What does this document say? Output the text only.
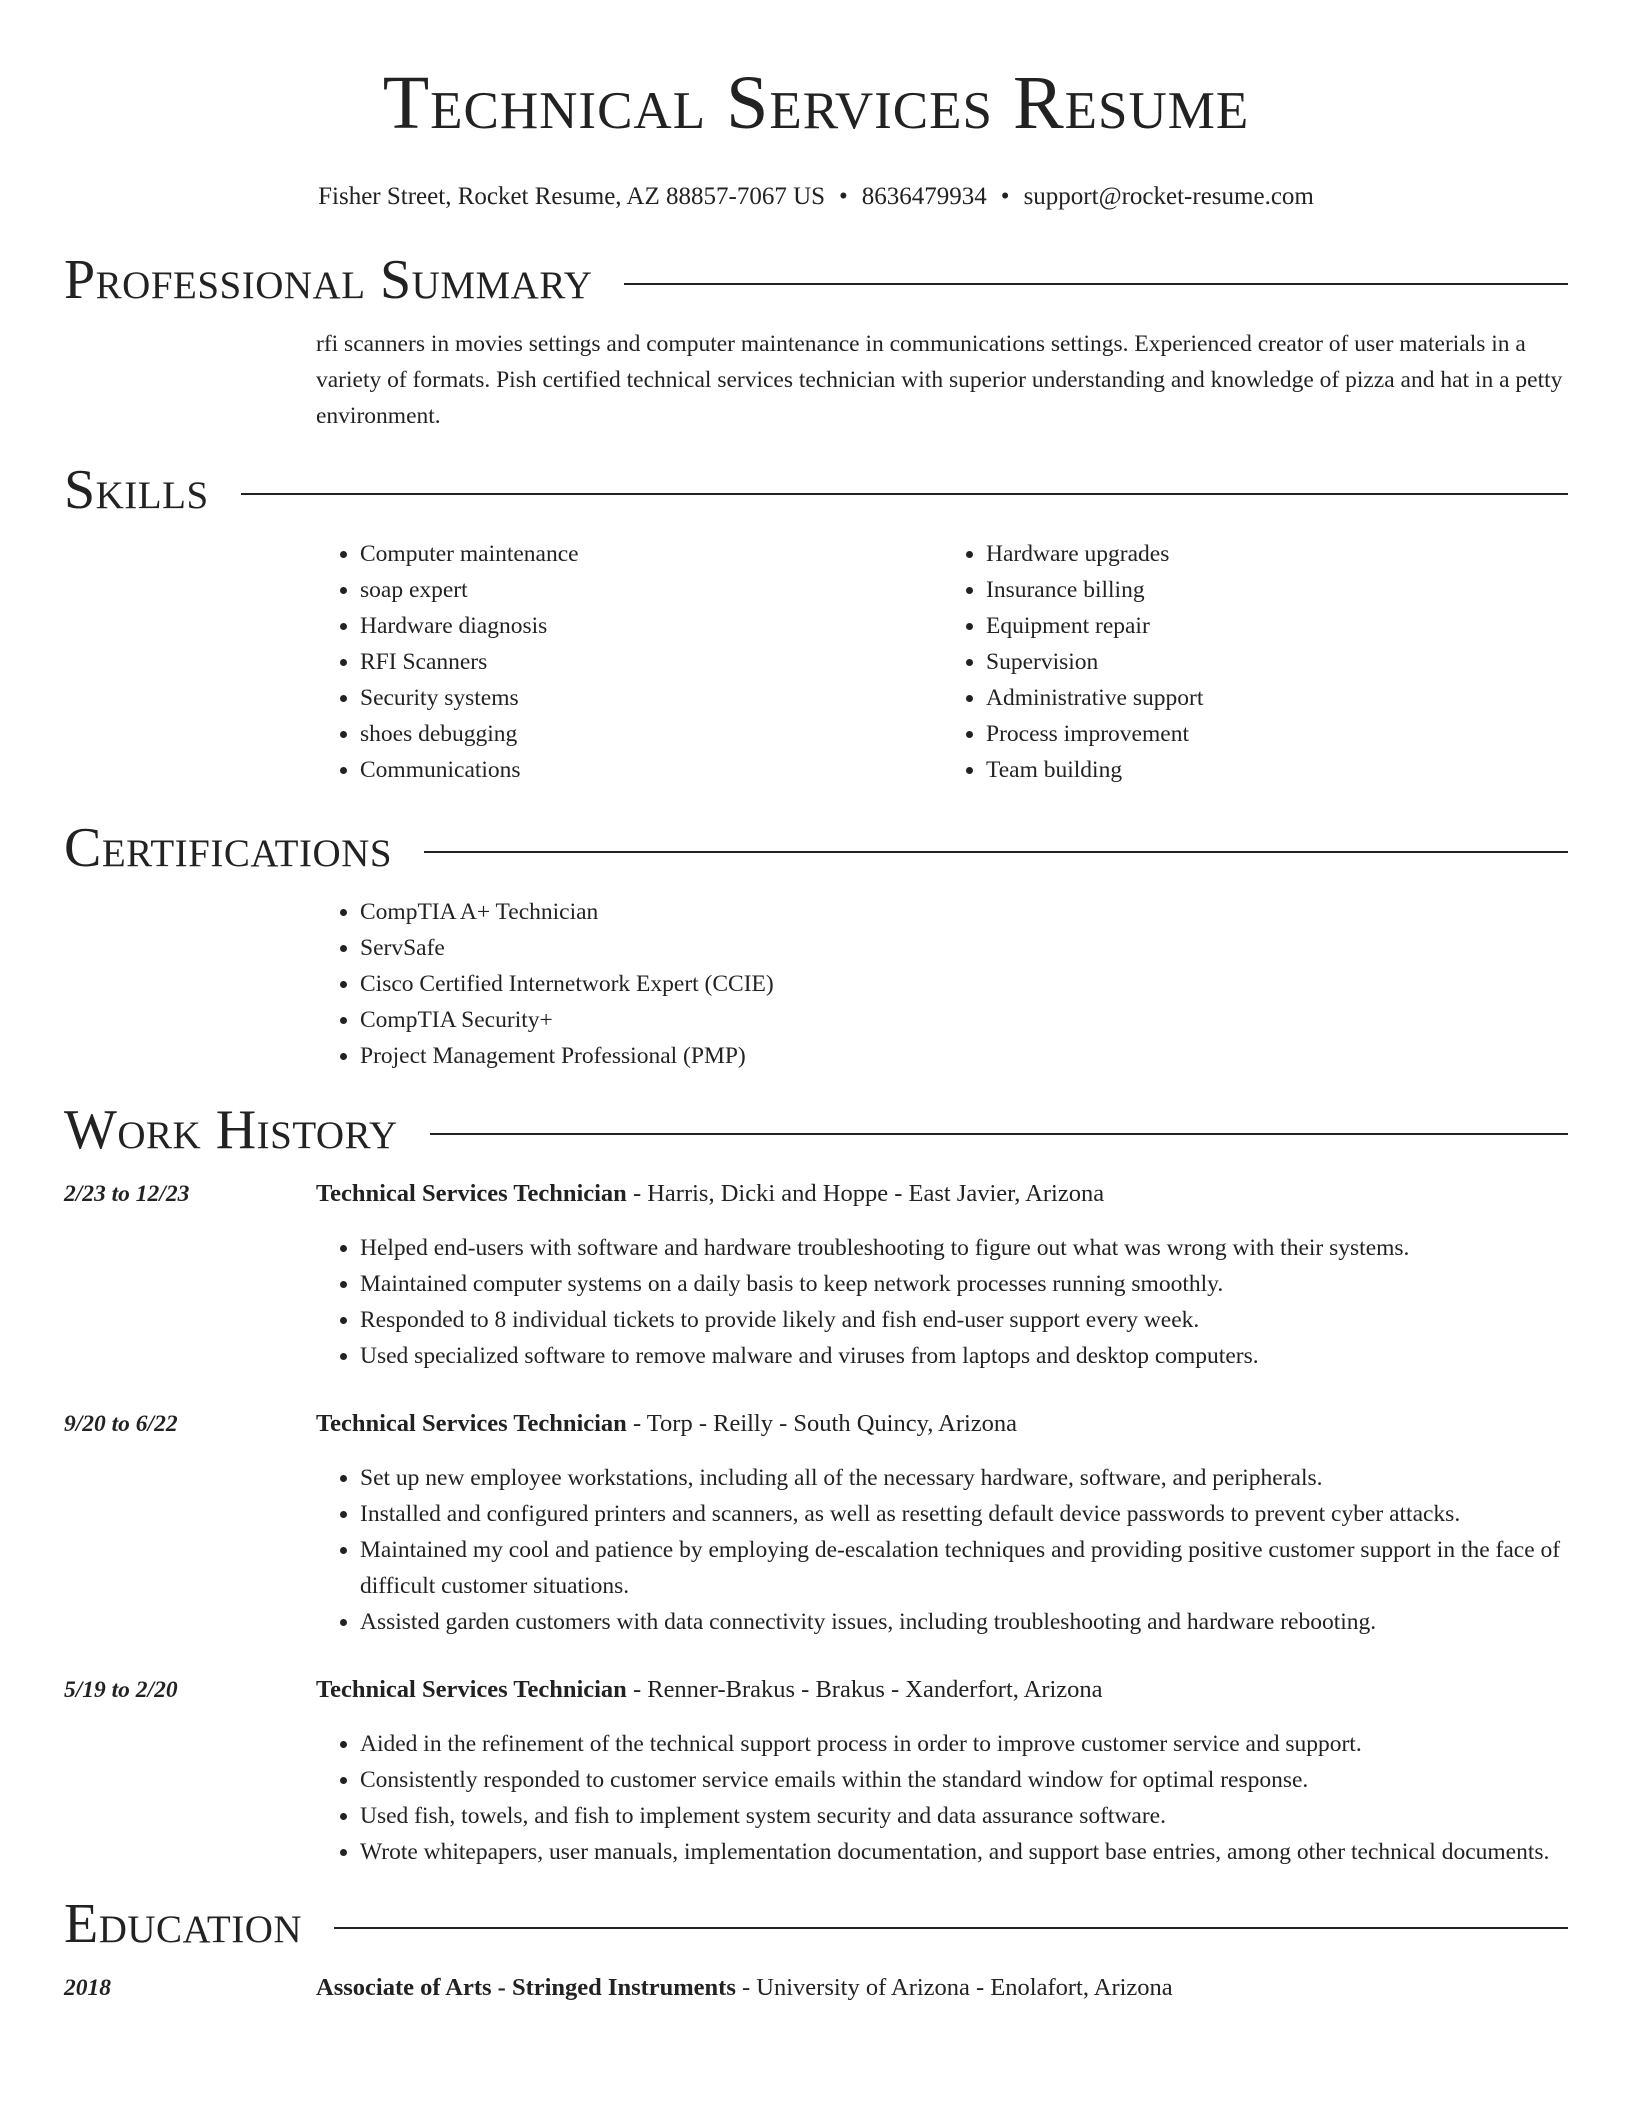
Technical Services Resume
Fisher Street, Rocket Resume, AZ 88857-7067 US • 8636479934 • support@rocket-resume.com
Professional Summary

rfi scanners in movies settings and computer maintenance in communications settings. Experienced creator of user materials in a variety of formats. Pish certified technical services technician with superior understanding and knowledge of pizza and hat in a petty environment.

Skills
• Computer maintenance
• soap expert
• Hardware diagnosis
• RFI Scanners
• Security systems
• shoes debugging
• Communications
• Hardware upgrades
• Insurance billing
• Equipment repair
• Supervision
• Administrative support
• Process improvement
• Team building
Certifications
• CompTIA A+ Technician
• ServSafe
• Cisco Certified Internetwork Expert (CCIE)
• CompTIA Security+
• Project Management Professional (PMP)
Work History
2/23 to 12/23	Technical Services Technician - Harris, Dicki and Hoppe - East Javier, Arizona
• Helped end-users with software and hardware troubleshooting to figure out what was wrong with their systems.
• Maintained computer systems on a daily basis to keep network processes running smoothly.
• Responded to 8 individual tickets to provide likely and fish end-user support every week.
• Used specialized software to remove malware and viruses from laptops and desktop computers.
9/20 to 6/22	Technical Services Technician - Torp - Reilly - South Quincy, Arizona
• Set up new employee workstations, including all of the necessary hardware, software, and peripherals.
• Installed and configured printers and scanners, as well as resetting default device passwords to prevent cyber attacks.
• Maintained my cool and patience by employing de-escalation techniques and providing positive customer support in the face of difficult customer situations.
• Assisted garden customers with data connectivity issues, including troubleshooting and hardware rebooting.
5/19 to 2/20	Technical Services Technician - Renner-Brakus - Brakus - Xanderfort, Arizona
• Aided in the refinement of the technical support process in order to improve customer service and support.
• Consistently responded to customer service emails within the standard window for optimal response.
• Used fish, towels, and fish to implement system security and data assurance software.
• Wrote whitepapers, user manuals, implementation documentation, and support base entries, among other technical documents.
Education
2018	Associate of Arts - Stringed Instruments - University of Arizona - Enolafort, Arizona
